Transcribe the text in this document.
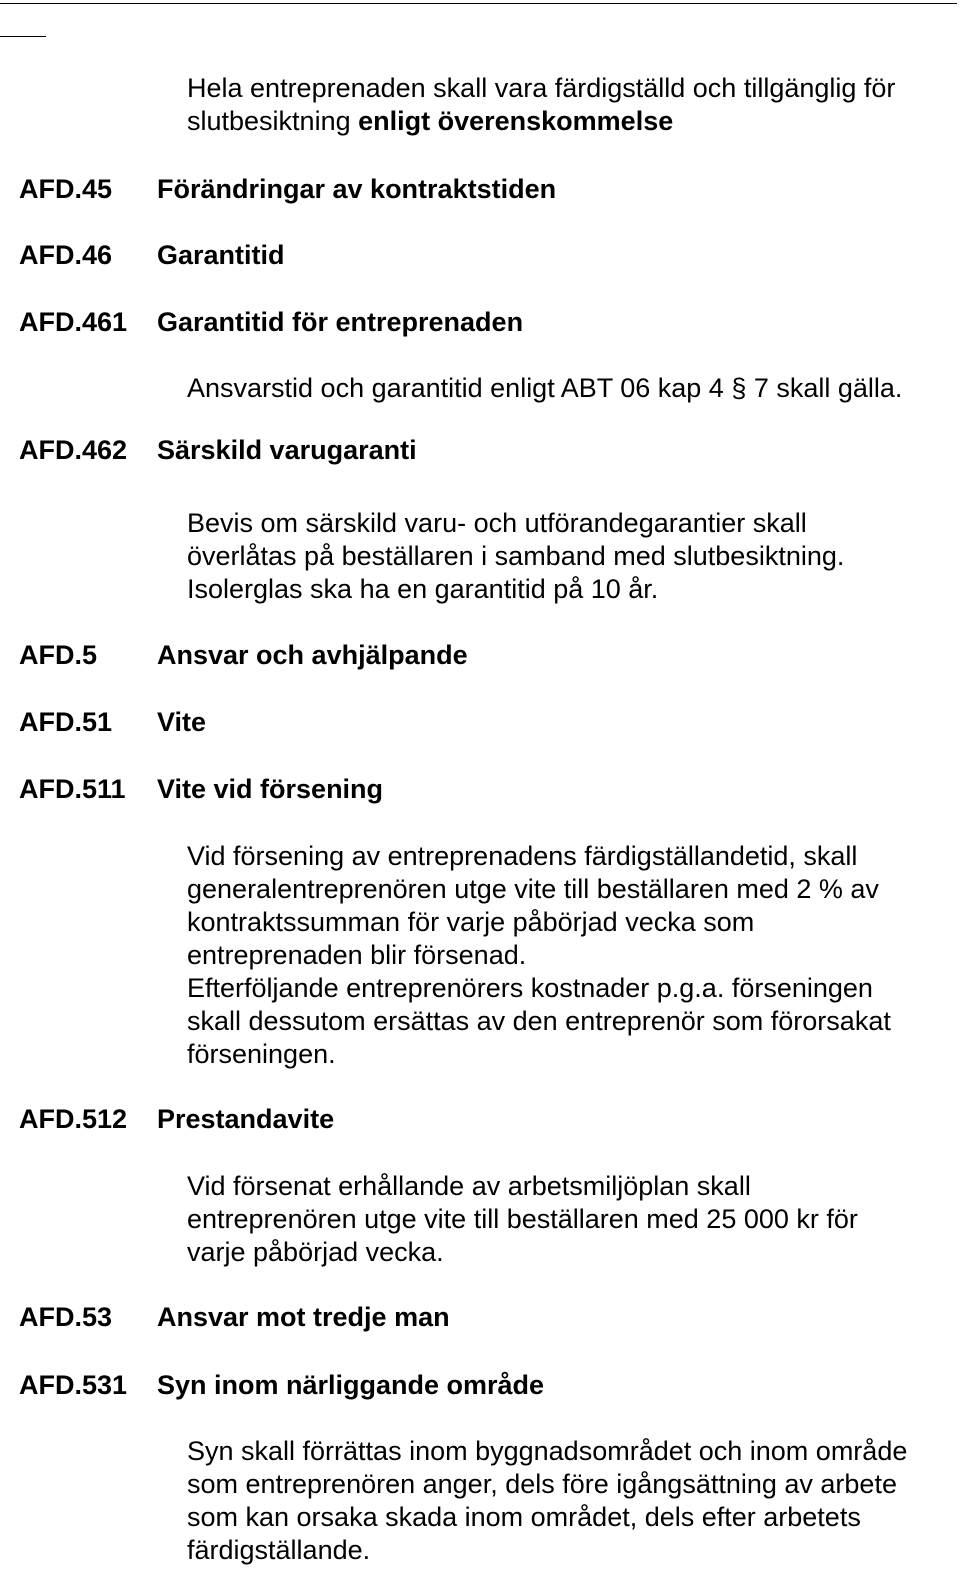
Hela entreprenaden skall vara färdigställd och tillgänglig för
slutbesiktning enligt överenskommelse
AFD.45 Förändringar av kontraktstiden
AFD.46 Garantitid
AFD.461 Garantitid för entreprenaden
Ansvarstid och garantitid enligt ABT 06 kap 4 § 7 skall gälla.
AFD.462 Särskild varugaranti
Bevis om särskild varu- och utförandegarantier skall
överlåtas på beställaren i samband med slutbesiktning.
Isolerglas ska ha en garantitid på 10 år.
AFD.5 Ansvar och avhjälpande
AFD.51 Vite
AFD.511 Vite vid försening
Vid försening av entreprenadens färdigställandetid, skall
generalentreprenören utge vite till beställaren med 2 % av
kontraktssumman för varje påbörjad vecka som
entreprenaden blir försenad.
Efterföljande entreprenörers kostnader p.g.a. förseningen
skall dessutom ersättas av den entreprenör som förorsakat
förseningen.
AFD.512 Prestandavite
Vid försenat erhållande av arbetsmiljöplan skall
entreprenören utge vite till beställaren med 25 000 kr för
varje påbörjad vecka.
AFD.53 Ansvar mot tredje man
AFD.531 Syn inom närliggande område
Syn skall förrättas inom byggnadsområdet och inom område
som entreprenören anger, dels före igångsättning av arbete
som kan orsaka skada inom området, dels efter arbetets
färdigställande.
